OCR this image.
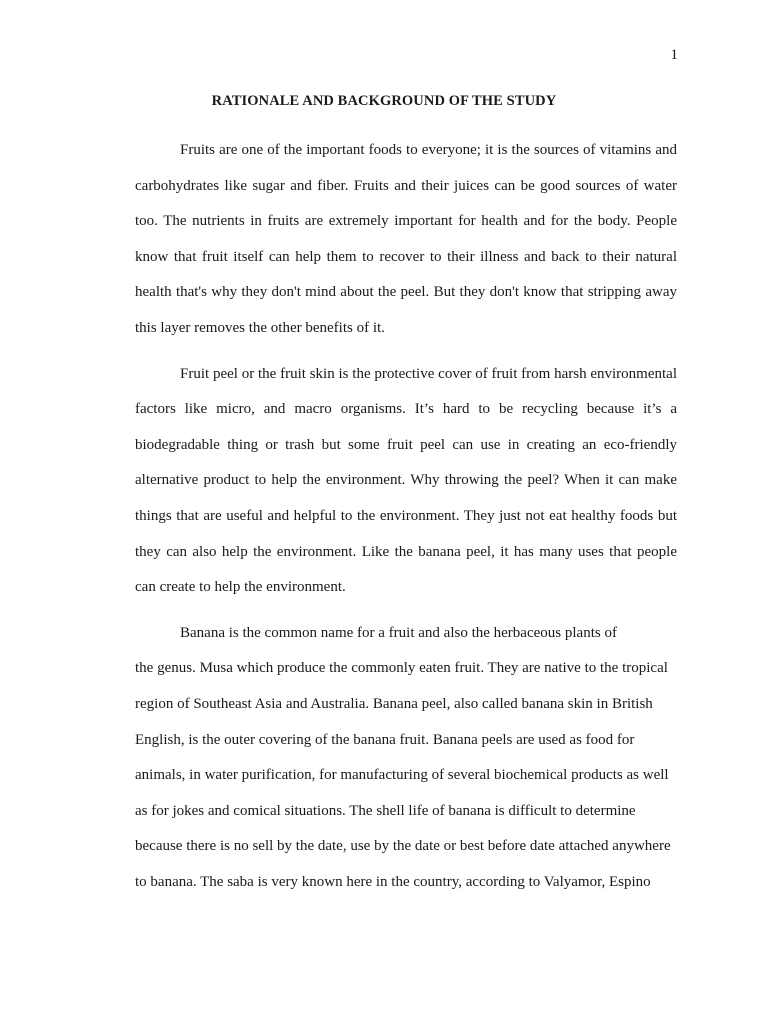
1
RATIONALE AND BACKGROUND OF THE STUDY

Fruits are one of the important foods to everyone; it is the sources of vitamins and carbohydrates like sugar and fiber. Fruits and their juices can be good sources of water too. The nutrients in fruits are extremely important for health and for the body. People know that fruit itself can help them to recover to their illness and back to their natural health that's why they don't mind about the peel. But they don't know that stripping away this layer removes the other benefits of it.

Fruit peel or the fruit skin is the protective cover of fruit from harsh environmental factors like micro, and macro organisms. It’s hard to be recycling because it’s a biodegradable thing or trash but some fruit peel can use in creating an eco-friendly alternative product to help the environment. Why throwing the peel? When it can make things that are useful and helpful to the environment. They just not eat healthy foods but they can also help the environment. Like the banana peel, it has many uses that people can create to help the environment.

Banana is the common name for a fruit and also the herbaceous plants of
the genus. Musa which produce the commonly eaten fruit. They are native to the tropical
region of Southeast Asia and Australia. Banana peel, also called banana skin in British
English, is the outer covering of the banana fruit. Banana peels are used as food for
animals, in water purification, for manufacturing of several biochemical products as well
as for jokes and comical situations. The shell life of banana is difficult to determine
because there is no sell by the date, use by the date or best before date attached anywhere
to banana. The saba is very known here in the country, according to Valyamor, Espino
